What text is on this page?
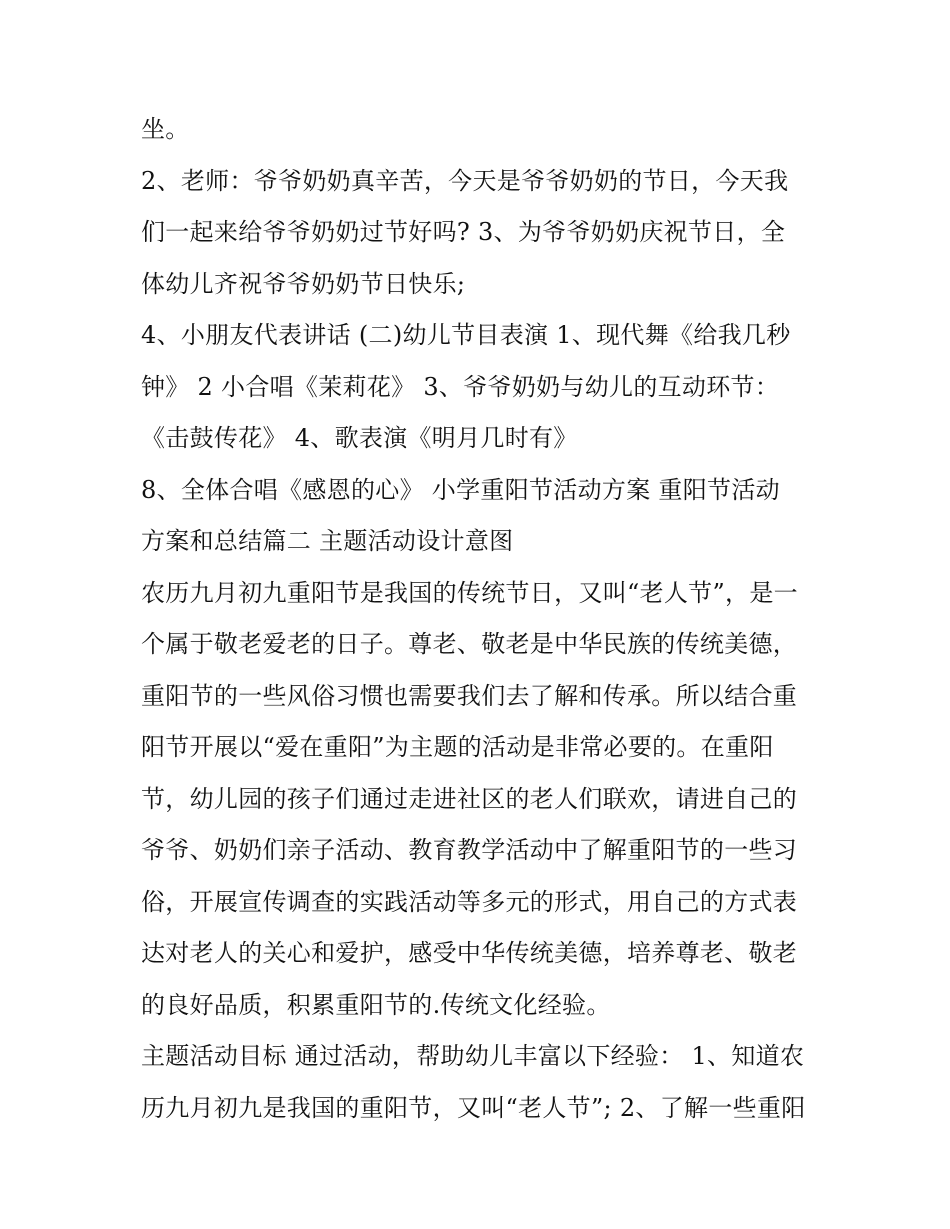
坐。
2、老师：爷爷奶奶真辛苦，今天是爷爷奶奶的节日，今天我
们一起来给爷爷奶奶过节好吗? 3、为爷爷奶奶庆祝节日，全
体幼儿齐祝爷爷奶奶节日快乐;
4、小朋友代表讲话 (二)幼儿节目表演 1、现代舞《给我几秒
钟》 2 小合唱《茉莉花》 3、爷爷奶奶与幼儿的互动环节：
《击鼓传花》 4、歌表演《明月几时有》
8、全体合唱《感恩的心》 小学重阳节活动方案 重阳节活动
方案和总结篇二 主题活动设计意图
农历九月初九重阳节是我国的传统节日，又叫“老人节”，是一
个属于敬老爱老的日子。尊老、敬老是中华民族的传统美德，
重阳节的一些风俗习惯也需要我们去了解和传承。所以结合重
阳节开展以“爱在重阳”为主题的活动是非常必要的。在重阳
节，幼儿园的孩子们通过走进社区的老人们联欢，请进自己的
爷爷、奶奶们亲子活动、教育教学活动中了解重阳节的一些习
俗，开展宣传调查的实践活动等多元的形式，用自己的方式表
达对老人的关心和爱护，感受中华传统美德，培养尊老、敬老
的良好品质，积累重阳节的.传统文化经验。
主题活动目标 通过活动，帮助幼儿丰富以下经验： 1、知道农
历九月初九是我国的重阳节，又叫“老人节”; 2、了解一些重阳
